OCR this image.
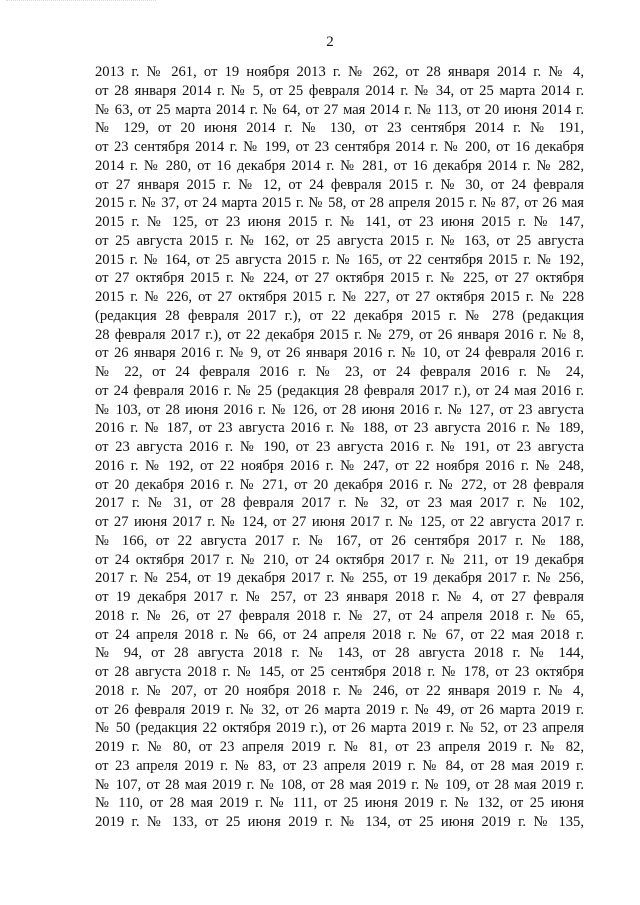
2
2013 г. № 261, от 19 ноября 2013 г. № 262, от 28 января 2014 г. № 4,
от 28 января 2014 г. № 5, от 25 февраля 2014 г. № 34, от 25 марта 2014 г.
№ 63, от 25 марта 2014 г. № 64, от 27 мая 2014 г. № 113, от 20 июня 2014 г.
№ 129, от 20 июня 2014 г. № 130, от 23 сентября 2014 г. № 191,
от 23 сентября 2014 г. № 199, от 23 сентября 2014 г. № 200, от 16 декабря
2014 г. № 280, от 16 декабря 2014 г. № 281, от 16 декабря 2014 г. № 282,
от 27 января 2015 г. № 12, от 24 февраля 2015 г. № 30, от 24 февраля
2015 г. № 37, от 24 марта 2015 г. № 58, от 28 апреля 2015 г. № 87, от 26 мая
2015 г. № 125, от 23 июня 2015 г. № 141, от 23 июня 2015 г. № 147,
от 25 августа 2015 г. № 162, от 25 августа 2015 г. № 163, от 25 августа
2015 г. № 164, от 25 августа 2015 г. № 165, от 22 сентября 2015 г. № 192,
от 27 октября 2015 г. № 224, от 27 октября 2015 г. № 225, от 27 октября
2015 г. № 226, от 27 октября 2015 г. № 227, от 27 октября 2015 г. № 228
(редакция 28 февраля 2017 г.), от 22 декабря 2015 г. № 278 (редакция
28 февраля 2017 г.), от 22 декабря 2015 г. № 279, от 26 января 2016 г. № 8,
от 26 января 2016 г. № 9, от 26 января 2016 г. № 10, от 24 февраля 2016 г.
№ 22, от 24 февраля 2016 г. № 23, от 24 февраля 2016 г. № 24,
от 24 февраля 2016 г. № 25 (редакция 28 февраля 2017 г.), от 24 мая 2016 г.
№ 103, от 28 июня 2016 г. № 126, от 28 июня 2016 г. № 127, от 23 августа
2016 г. № 187, от 23 августа 2016 г. № 188, от 23 августа 2016 г. № 189,
от 23 августа 2016 г. № 190, от 23 августа 2016 г. № 191, от 23 августа
2016 г. № 192, от 22 ноября 2016 г. № 247, от 22 ноября 2016 г. № 248,
от 20 декабря 2016 г. № 271, от 20 декабря 2016 г. № 272, от 28 февраля
2017 г. № 31, от 28 февраля 2017 г. № 32, от 23 мая 2017 г. № 102,
от 27 июня 2017 г. № 124, от 27 июня 2017 г. № 125, от 22 августа 2017 г.
№ 166, от 22 августа 2017 г. № 167, от 26 сентября 2017 г. № 188,
от 24 октября 2017 г. № 210, от 24 октября 2017 г. № 211, от 19 декабря
2017 г. № 254, от 19 декабря 2017 г. № 255, от 19 декабря 2017 г. № 256,
от 19 декабря 2017 г. № 257, от 23 января 2018 г. № 4, от 27 февраля
2018 г. № 26, от 27 февраля 2018 г. № 27, от 24 апреля 2018 г. № 65,
от 24 апреля 2018 г. № 66, от 24 апреля 2018 г. № 67, от 22 мая 2018 г.
№ 94, от 28 августа 2018 г. № 143, от 28 августа 2018 г. № 144,
от 28 августа 2018 г. № 145, от 25 сентября 2018 г. № 178, от 23 октября
2018 г. № 207, от 20 ноября 2018 г. № 246, от 22 января 2019 г. № 4,
от 26 февраля 2019 г. № 32, от 26 марта 2019 г. № 49, от 26 марта 2019 г.
№ 50 (редакция 22 октября 2019 г.), от 26 марта 2019 г. № 52, от 23 апреля
2019 г. № 80, от 23 апреля 2019 г. № 81, от 23 апреля 2019 г. № 82,
от 23 апреля 2019 г. № 83, от 23 апреля 2019 г. № 84, от 28 мая 2019 г.
№ 107, от 28 мая 2019 г. № 108, от 28 мая 2019 г. № 109, от 28 мая 2019 г.
№ 110, от 28 мая 2019 г. № 111, от 25 июня 2019 г. № 132, от 25 июня
2019 г. № 133, от 25 июня 2019 г. № 134, от 25 июня 2019 г. № 135,
